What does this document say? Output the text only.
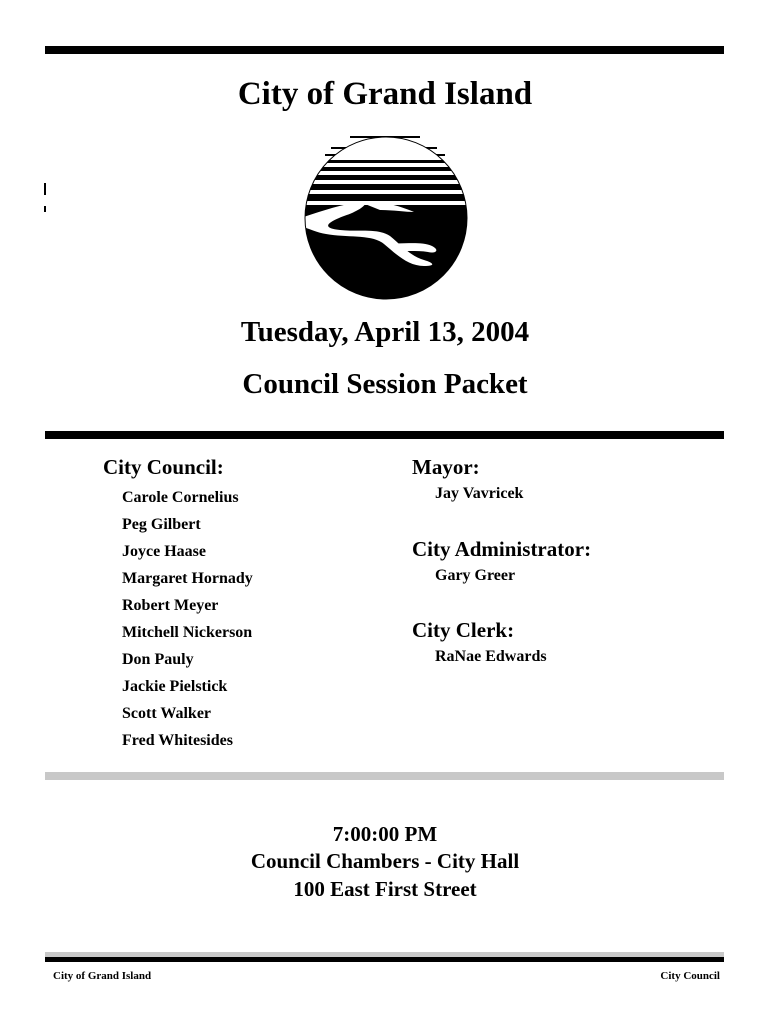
City of Grand Island
Tuesday, April 13, 2004
Council Session Packet
City Council:
Carole Cornelius
Peg Gilbert
Joyce Haase
Margaret Hornady
Robert Meyer
Mitchell Nickerson
Don Pauly
Jackie Pielstick
Scott Walker
Fred Whitesides
Mayor:
Jay Vavricek
City Administrator:
Gary Greer
City Clerk:
RaNae Edwards
7:00:00 PM
Council Chambers - City Hall
100 East First Street
City of Grand Island	City Council
